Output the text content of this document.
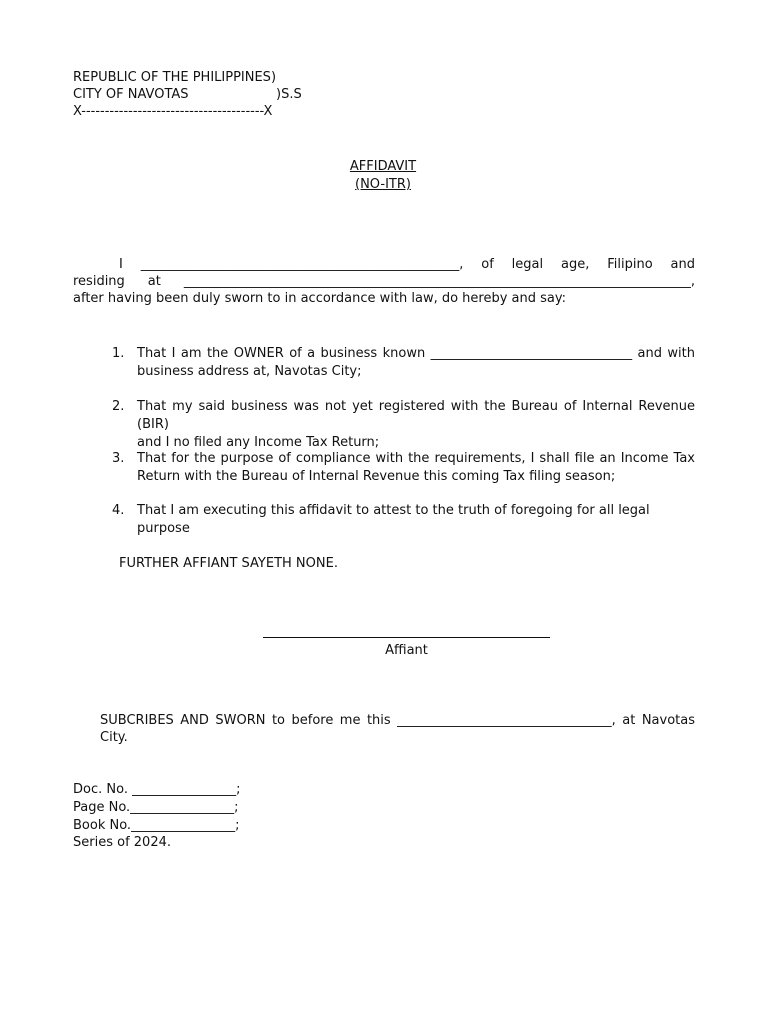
REPUBLIC OF THE PHILIPPINES)
CITY OF NAVOTAS	)S.S
X---------------------------------------X
AFFIDAVIT
(NO-ITR)
I _________________________________________________, of legal age, Filipino and
residing at ______________________________________________________________________________,
after having been duly sworn to in accordance with law, do hereby and say:
1. That I am the OWNER of a business known _______________________________ and with
business address at, Navotas City;
2. That my said business was not yet registered with the Bureau of Internal Revenue (BIR)
and I no filed any Income Tax Return;
3. That for the purpose of compliance with the requirements, I shall file an Income Tax
Return with the Bureau of Internal Revenue this coming Tax filing season;
4. That I am executing this affidavit to attest to the truth of foregoing for all legal purpose
FURTHER AFFIANT SAYETH NONE.
Affiant
SUBCRIBES AND SWORN to before me this _________________________________, at Navotas
City.
Doc. No. ________________;
Page No.________________;
Book No.________________;
Series of 2024.
